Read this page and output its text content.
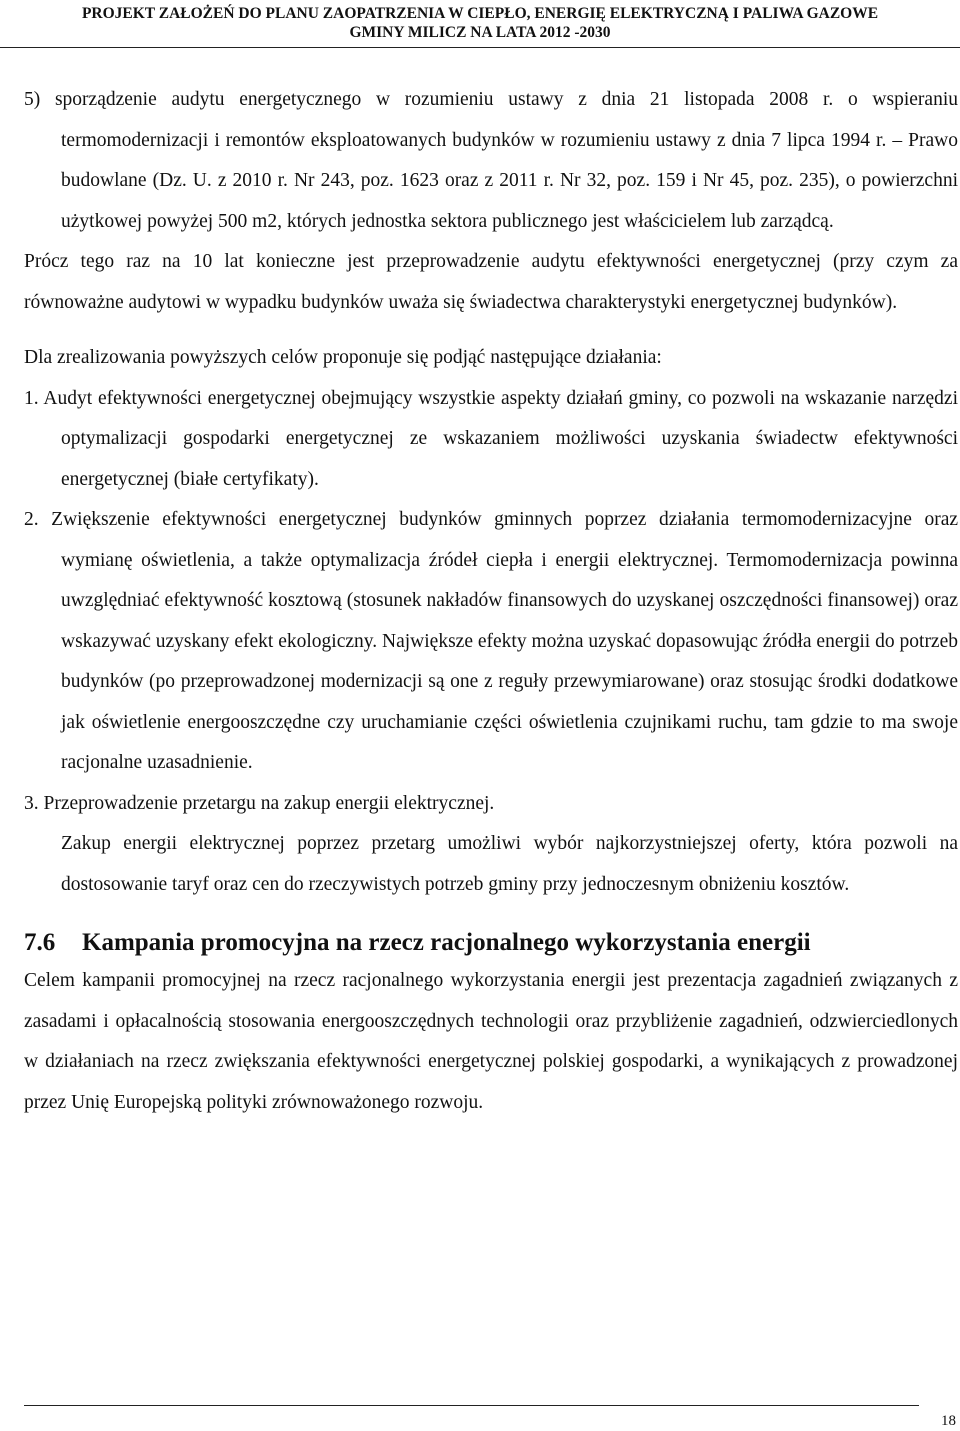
PROJEKT ZAŁOŻEŃ DO PLANU ZAOPATRZENIA W CIEPŁO, ENERGIĘ ELEKTRYCZNĄ I PALIWA GAZOWE
GMINY MILICZ NA LATA 2012 -2030

5) sporządzenie audytu energetycznego w rozumieniu ustawy z dnia 21 listopada 2008 r. o wspieraniu termomodernizacji i remontów eksploatowanych budynków w rozumieniu ustawy z dnia 7 lipca 1994 r. – Prawo budowlane (Dz. U. z 2010 r. Nr 243, poz. 1623 oraz z 2011 r. Nr 32, poz. 159 i Nr 45, poz. 235), o powierzchni użytkowej powyżej 500 m2, których jednostka sektora publicznego jest właścicielem lub zarządcą.

Prócz tego raz na 10 lat konieczne jest przeprowadzenie audytu efektywności energetycznej (przy czym za równoważne audytowi w wypadku budynków uważa się świadectwa charakterystyki energetycznej budynków).

Dla zrealizowania powyższych celów proponuje się podjąć następujące działania:

1. Audyt efektywności energetycznej obejmujący wszystkie aspekty działań gminy, co pozwoli na wskazanie narzędzi optymalizacji gospodarki energetycznej ze wskazaniem możliwości uzyskania świadectw efektywności energetycznej (białe certyfikaty).

2. Zwiększenie efektywności energetycznej budynków gminnych poprzez działania termomodernizacyjne oraz wymianę oświetlenia, a także optymalizacja źródeł ciepła i energii elektrycznej. Termomodernizacja powinna uwzględniać efektywność kosztową (stosunek nakładów finansowych do uzyskanej oszczędności finansowej) oraz wskazywać uzyskany efekt ekologiczny. Największe efekty można uzyskać dopasowując źródła energii do potrzeb budynków (po przeprowadzonej modernizacji są one z reguły przewymiarowane) oraz stosując środki dodatkowe jak oświetlenie energooszczędne czy uruchamianie części oświetlenia czujnikami ruchu, tam gdzie to ma swoje racjonalne uzasadnienie.

3. Przeprowadzenie przetargu na zakup energii elektrycznej.

Zakup energii elektrycznej poprzez przetarg umożliwi wybór najkorzystniejszej oferty, która pozwoli na dostosowanie taryf oraz cen do rzeczywistych potrzeb gminy przy jednoczesnym obniżeniu kosztów.

7.6 Kampania promocyjna na rzecz racjonalnego wykorzystania energii

Celem kampanii promocyjnej na rzecz racjonalnego wykorzystania energii jest prezentacja zagadnień związanych z zasadami i opłacalnością stosowania energooszczędnych technologii oraz przybliżenie zagadnień, odzwierciedlonych w działaniach na rzecz zwiększania efektywności energetycznej polskiej gospodarki, a wynikających z prowadzonej przez Unię Europejską polityki zrównoważonego rozwoju.

18
